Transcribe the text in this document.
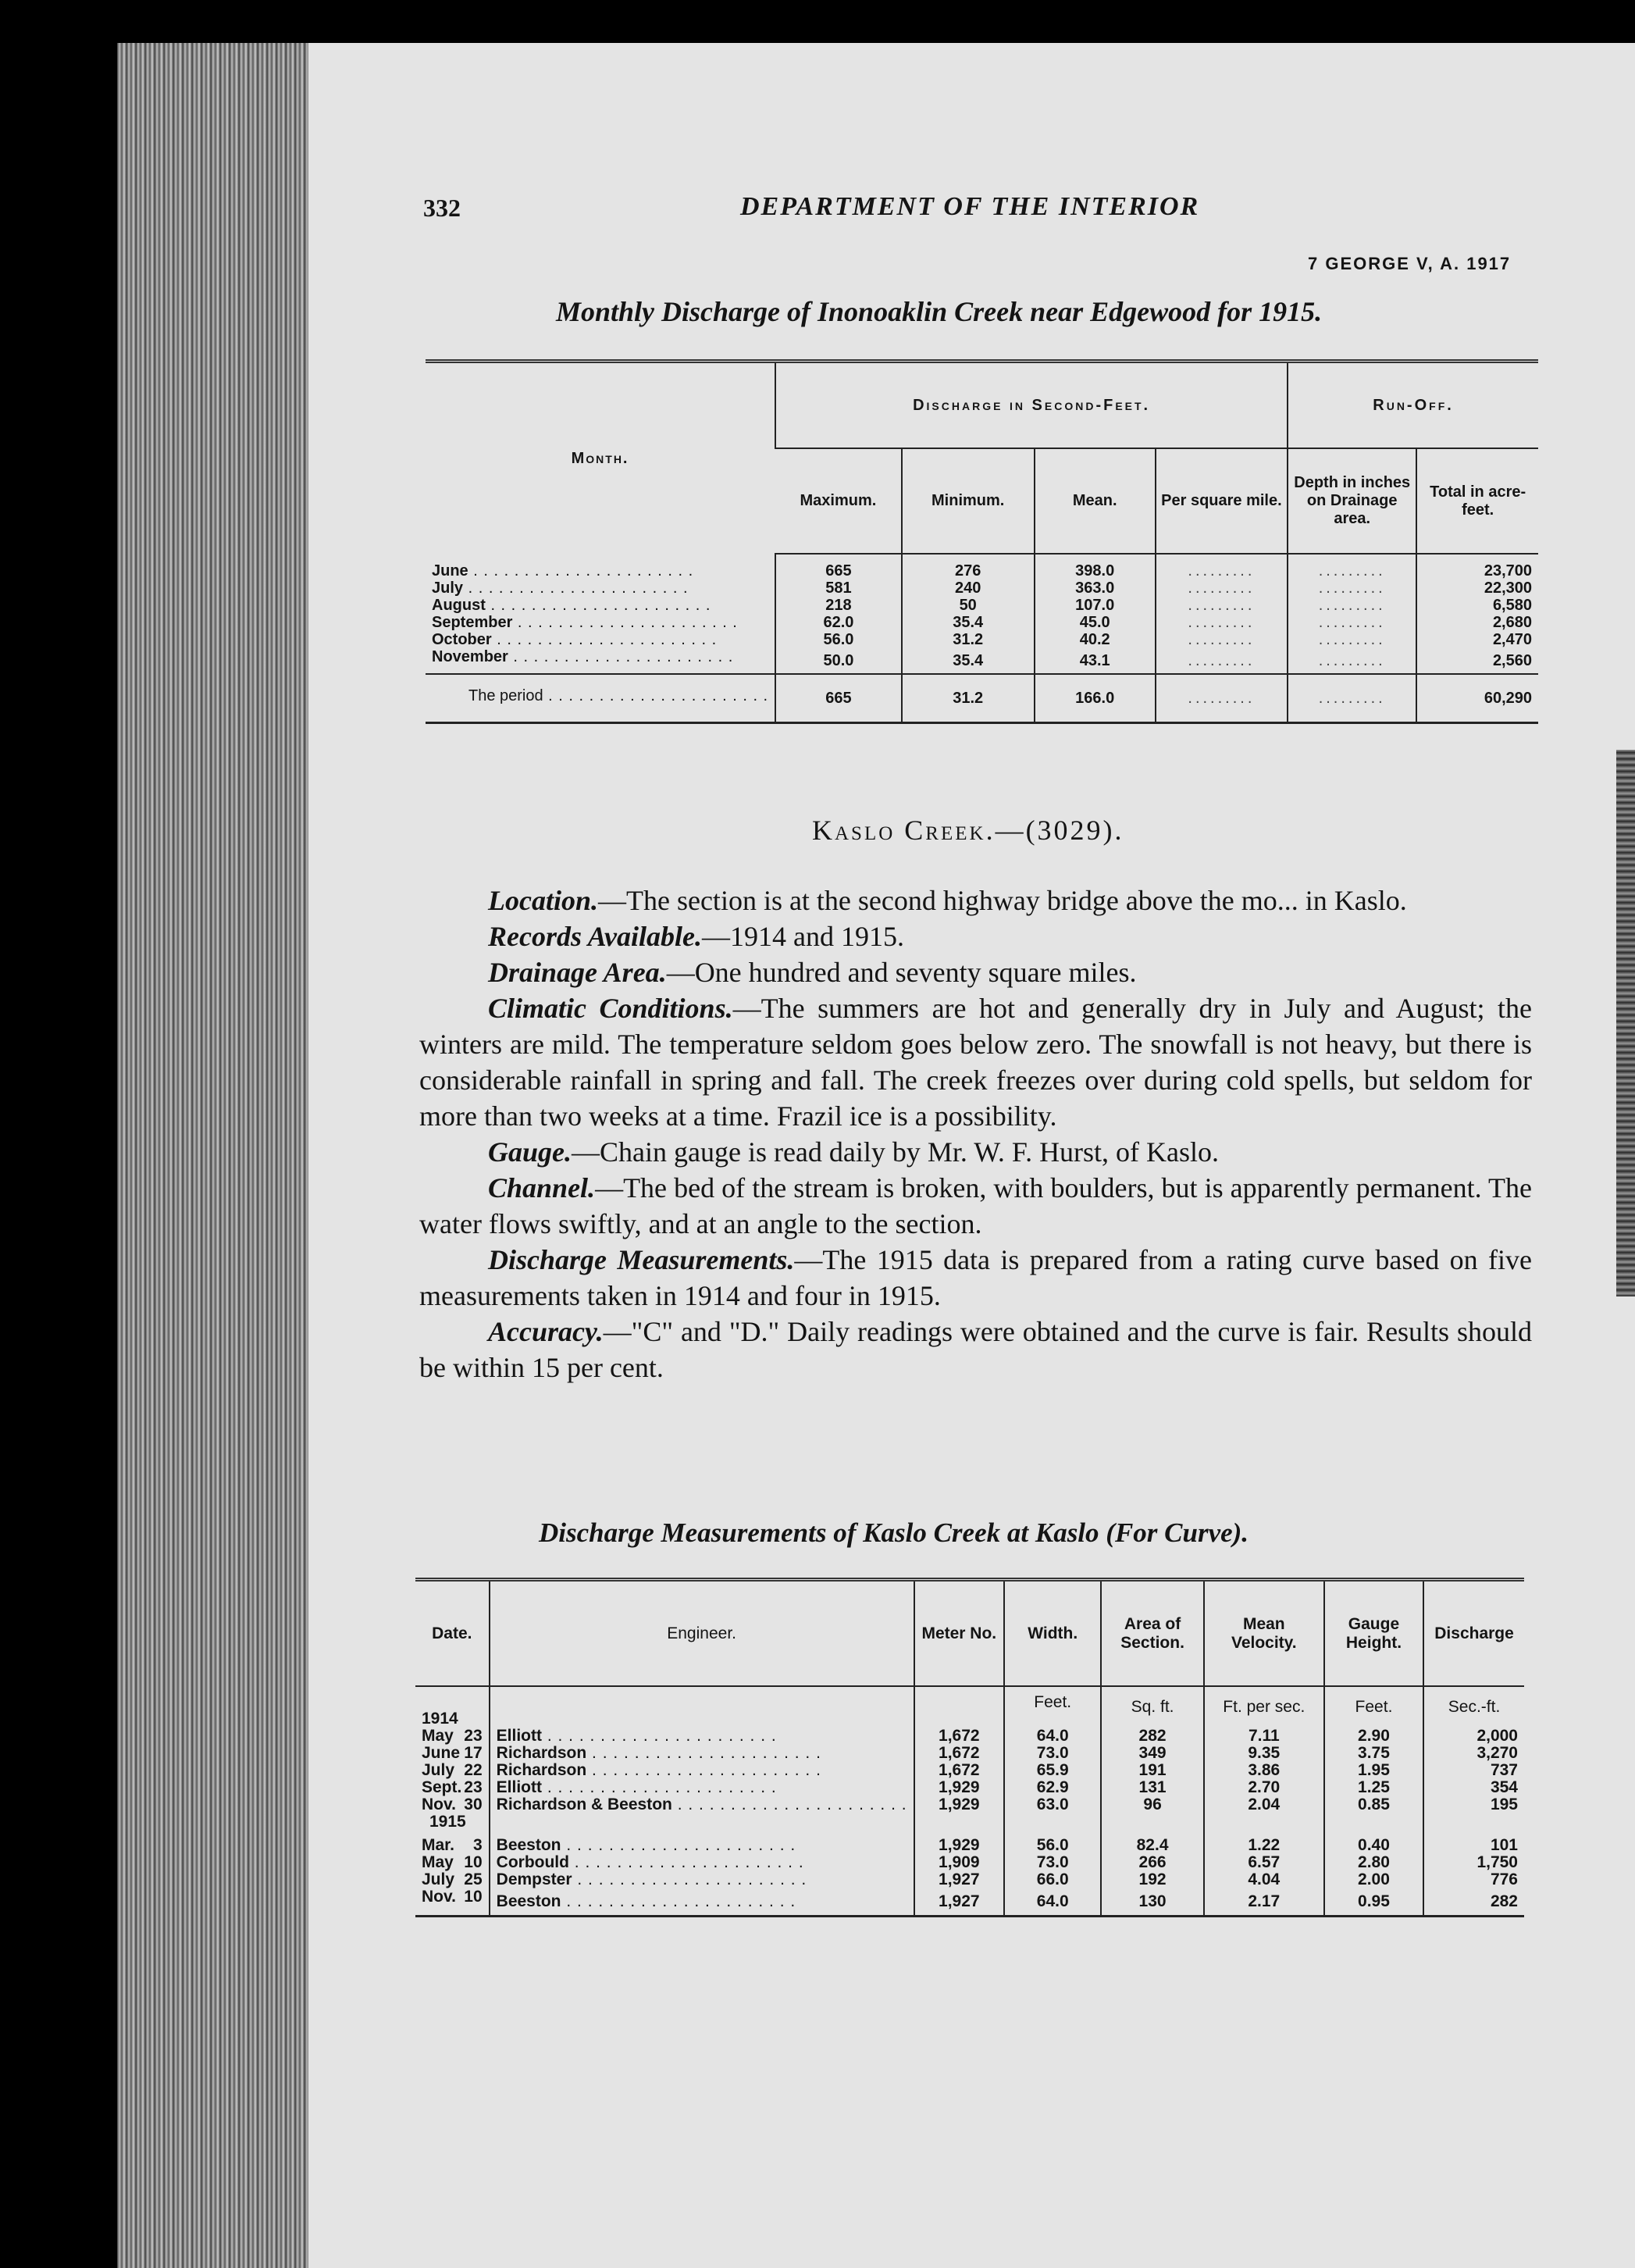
332	DEPARTMENT OF THE INTERIOR
7 GEORGE V, A. 1917
Monthly Discharge of Inonoaklin Creek near Edgewood for 1915.
Month.	Discharge in Second-Feet.				Run-Off.	
	Maximum.	Minimum.	Mean.	Per square mile.	Depth in inches on Drainage area.	Total in acre-feet.
June . . .	665	276	398.0	.........	.........	23,700
July . . .	581	240	363.0	.........	.........	22,300
August . . .	218	50	107.0	.........	.........	6,580
September . . .	62.0	35.4	45.0	.........	.........	2,680
October . . .	56.0	31.2	40.2	.........	.........	2,470
November . . .	50.0	35.4	43.1	.........	.........	2,560
The period . . .	665	31.2	166.0	.........	.........	60,290
Kaslo Creek.—(3029).

Location.—The section is at the second highway bridge above the mo... in Kaslo.

Records Available.—1914 and 1915.

Drainage Area.—One hundred and seventy square miles.

Climatic Conditions.—The summers are hot and generally dry in July and August; the winters are mild. The temperature seldom goes below zero. The snowfall is not heavy, but there is considerable rainfall in spring and fall. The creek freezes over during cold spells, but seldom for more than two weeks at a time. Frazil ice is a possibility.

Gauge.—Chain gauge is read daily by Mr. W. F. Hurst, of Kaslo.

Channel.—The bed of the stream is broken, with boulders, but is apparently permanent. The water flows swiftly, and at an angle to the section.

Discharge Measurements.—The 1915 data is prepared from a rating curve based on five measurements taken in 1914 and four in 1915.

Accuracy.—"C" and "D." Daily readings were obtained and the curve is fair. Results should be within 15 per cent.

Discharge Measurements of Kaslo Creek at Kaslo (For Curve).
Date.	Engineer.	Meter No.	Width.	Area of Section.	Mean Velocity.	Gauge Height.	Discharge
1914			Feet.	Sq. ft.	Ft. per sec.	Feet.	Sec.-ft.
May 23	Elliott . . .	1,672	64.0	282	7.11	2.90	2,000
June 17	Richardson . . .	1,672	73.0	349	9.35	3.75	3,270
July 22	Richardson . . .	1,672	65.9	191	3.86	1.95	737
Sept. 23	Elliott . . .	1,929	62.9	131	2.70	1.25	354
Nov. 30	Richardson & Beeston . . .	1,929	63.0	96	2.04	0.85	195
1915							
Mar. 3	Beeston . . .	1,929	56.0	82.4	1.22	0.40	101
May 10	Corbould . . .	1,909	73.0	266	6.57	2.80	1,750
July 25	Dempster . . .	1,927	66.0	192	4.04	2.00	776
Nov. 10	Beeston . . .	1,927	64.0	130	2.17	0.95	282
